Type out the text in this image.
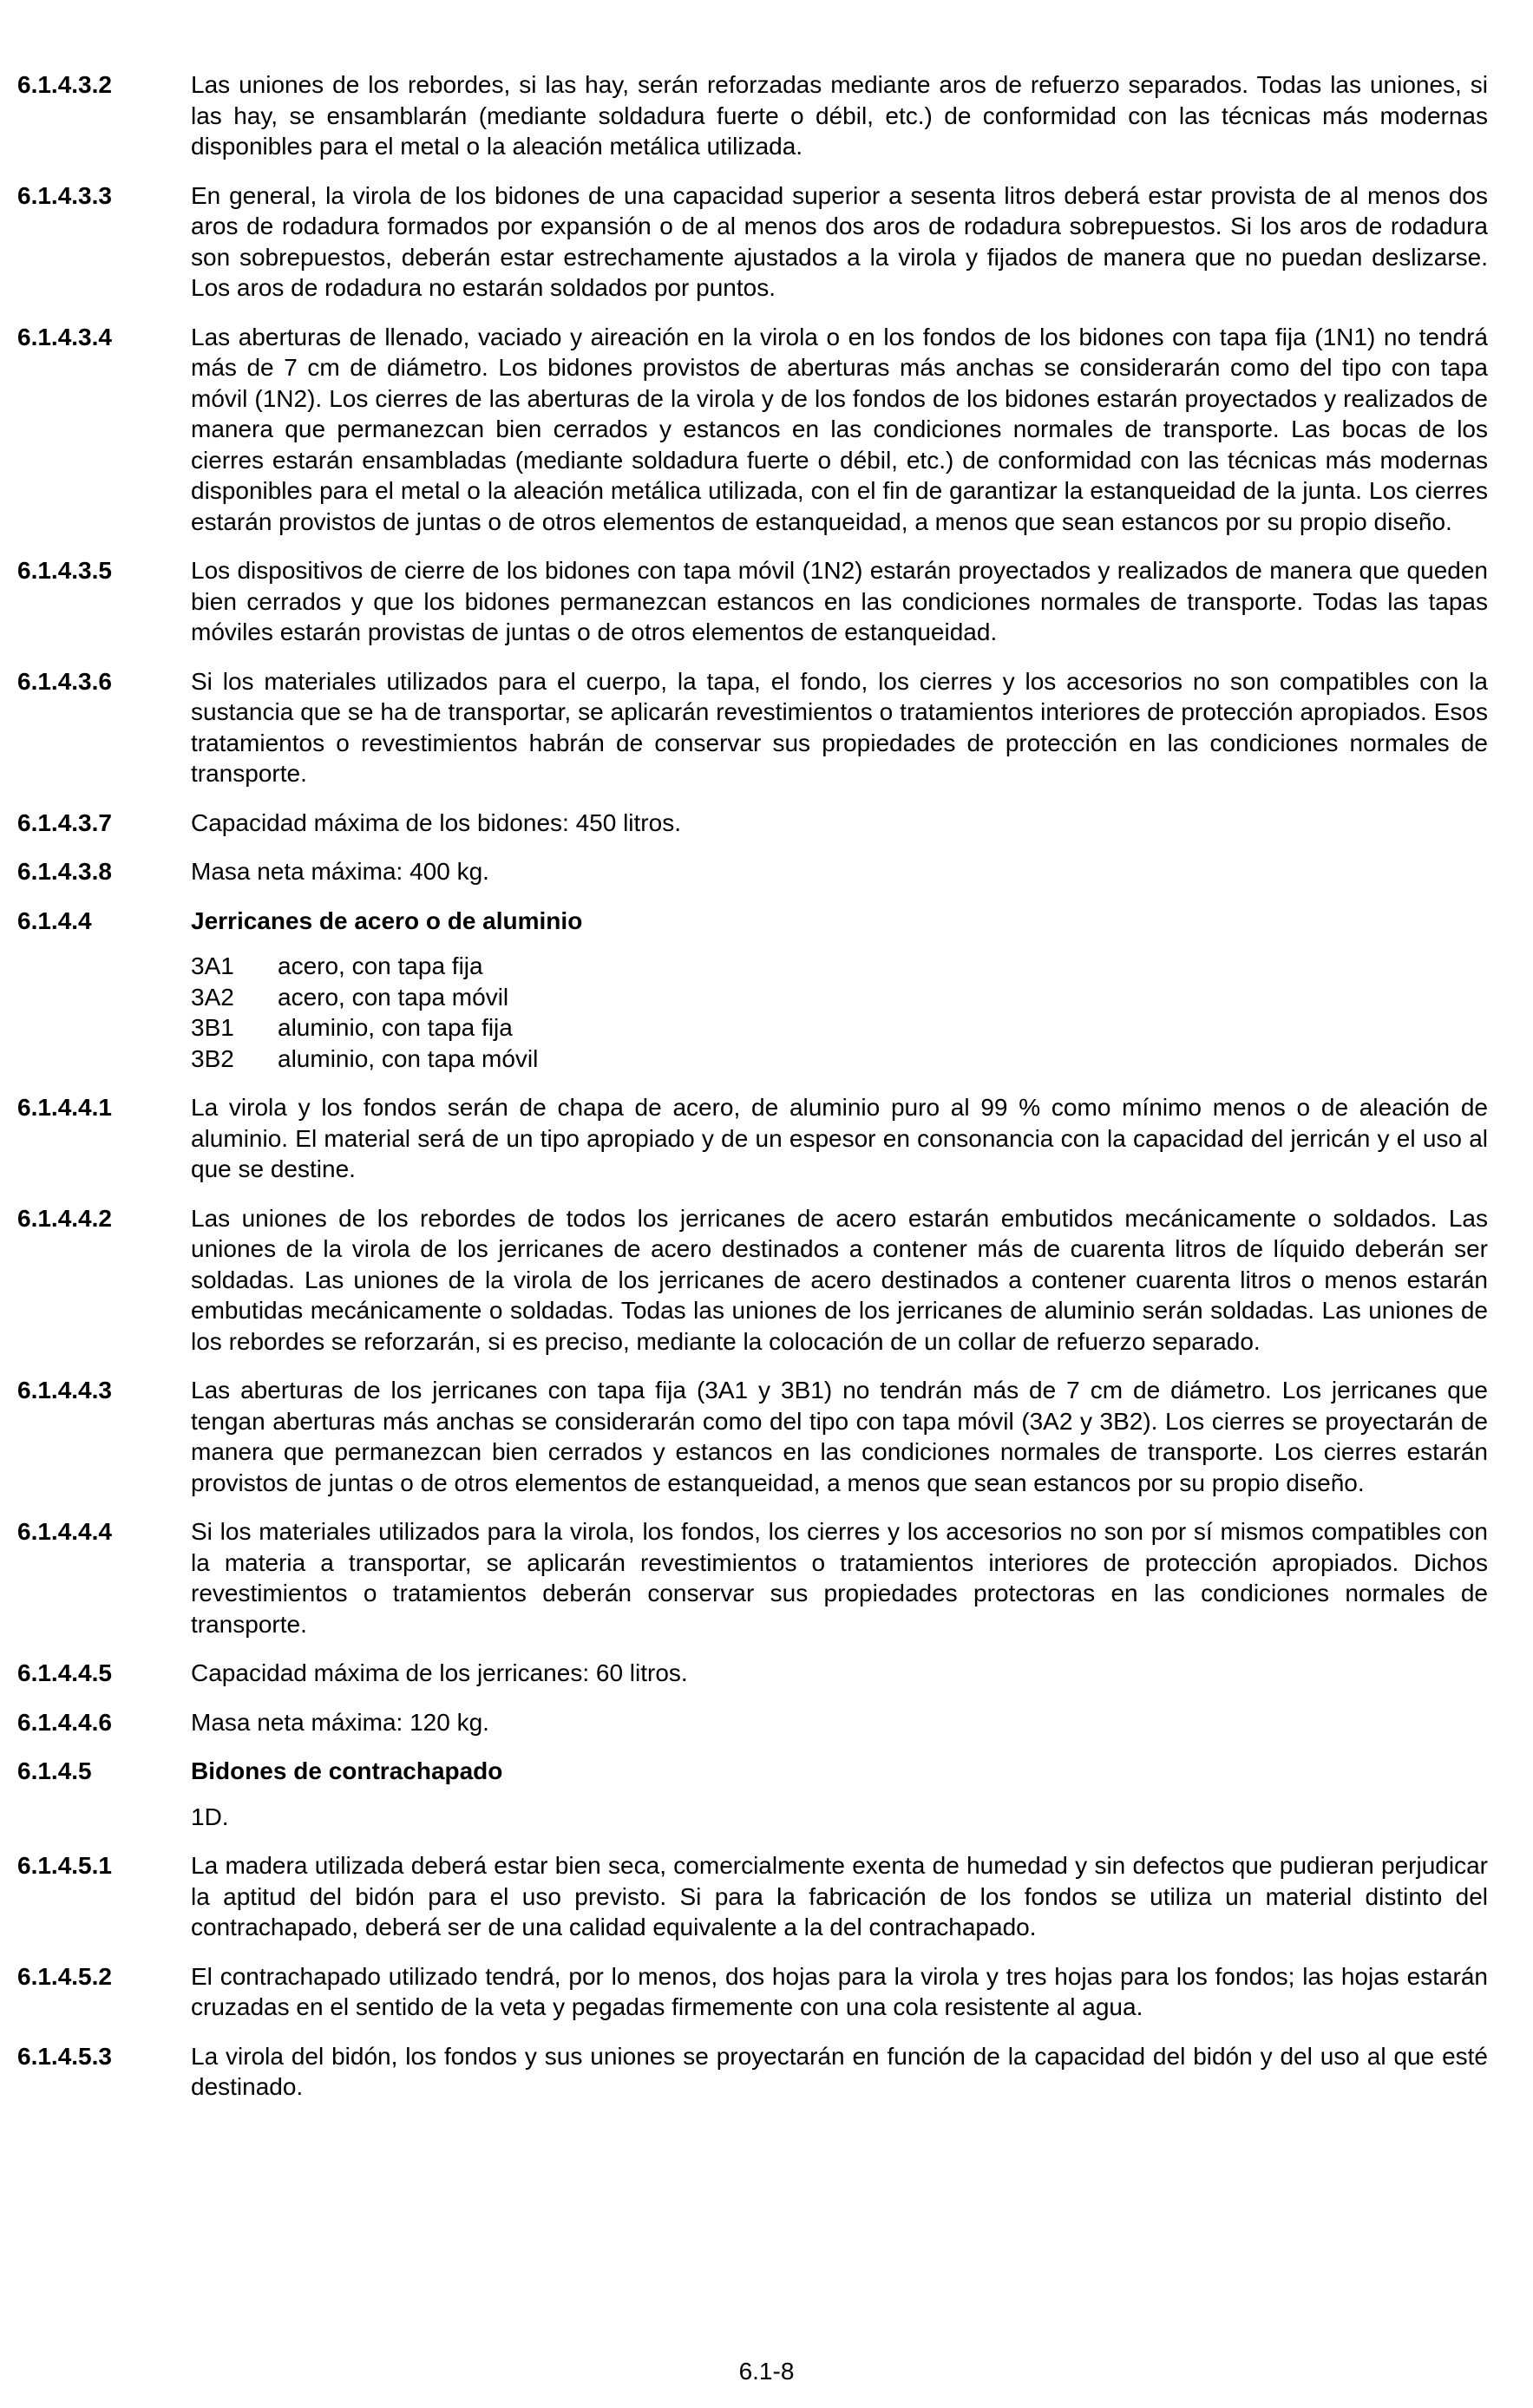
6.1.4.3.2	Las uniones de los rebordes, si las hay, serán reforzadas mediante aros de refuerzo separados. Todas las uniones, si las hay, se ensamblarán (mediante soldadura fuerte o débil, etc.) de conformidad con las técnicas más modernas disponibles para el metal o la aleación metálica utilizada.
6.1.4.3.3	En general, la virola de los bidones de una capacidad superior a sesenta litros deberá estar provista de al menos dos aros de rodadura formados por expansión o de al menos dos aros de rodadura sobrepuestos. Si los aros de rodadura son sobrepuestos, deberán estar estrechamente ajustados a la virola y fijados de manera que no puedan deslizarse. Los aros de rodadura no estarán soldados por puntos.
6.1.4.3.4	Las aberturas de llenado, vaciado y aireación en la virola o en los fondos de los bidones con tapa fija (1N1) no tendrá más de 7 cm de diámetro. Los bidones provistos de aberturas más anchas se considerarán como del tipo con tapa móvil (1N2). Los cierres de las aberturas de la virola y de los fondos de los bidones estarán proyectados y realizados de manera que permanezcan bien cerrados y estancos en las condiciones normales de transporte. Las bocas de los cierres estarán ensambladas (mediante soldadura fuerte o débil, etc.) de conformidad con las técnicas más modernas disponibles para el metal o la aleación metálica utilizada, con el fin de garantizar la estanqueidad de la junta. Los cierres estarán provistos de juntas o de otros elementos de estanqueidad, a menos que sean estancos por su propio diseño.
6.1.4.3.5	Los dispositivos de cierre de los bidones con tapa móvil (1N2) estarán proyectados y realizados de manera que queden bien cerrados y que los bidones permanezcan estancos en las condiciones normales de transporte. Todas las tapas móviles estarán provistas de juntas o de otros elementos de estanqueidad.
6.1.4.3.6	Si los materiales utilizados para el cuerpo, la tapa, el fondo, los cierres y los accesorios no son compatibles con la sustancia que se ha de transportar, se aplicarán revestimientos o tratamientos interiores de protección apropiados. Esos tratamientos o revestimientos habrán de conservar sus propiedades de protección en las condiciones normales de transporte.
6.1.4.3.7	Capacidad máxima de los bidones: 450 litros.
6.1.4.3.8	Masa neta máxima: 400 kg.
6.1.4.4	Jerricanes de acero o de aluminio
3A1	acero, con tapa fija
3A2	acero, con tapa móvil
3B1	aluminio, con tapa fija
3B2	aluminio, con tapa móvil
6.1.4.4.1	La virola y los fondos serán de chapa de acero, de aluminio puro al 99 % como mínimo menos o de aleación de aluminio. El material será de un tipo apropiado y de un espesor en consonancia con la capacidad del jerricán y el uso al que se destine.
6.1.4.4.2	Las uniones de los rebordes de todos los jerricanes de acero estarán embutidos mecánicamente o soldados. Las uniones de la virola de los jerricanes de acero destinados a contener más de cuarenta litros de líquido deberán ser soldadas. Las uniones de la virola de los jerricanes de acero destinados a contener cuarenta litros o menos estarán embutidas mecánicamente o soldadas. Todas las uniones de los jerricanes de aluminio serán soldadas. Las uniones de los rebordes se reforzarán, si es preciso, mediante la colocación de un collar de refuerzo separado.
6.1.4.4.3	Las aberturas de los jerricanes con tapa fija (3A1 y 3B1) no tendrán más de 7 cm de diámetro. Los jerricanes que tengan aberturas más anchas se considerarán como del tipo con tapa móvil (3A2 y 3B2). Los cierres se proyectarán de manera que permanezcan bien cerrados y estancos en las condiciones normales de transporte. Los cierres estarán provistos de juntas o de otros elementos de estanqueidad, a menos que sean estancos por su propio diseño.
6.1.4.4.4	Si los materiales utilizados para la virola, los fondos, los cierres y los accesorios no son por sí mismos compatibles con la materia a transportar, se aplicarán revestimientos o tratamientos interiores de protección apropiados. Dichos revestimientos o tratamientos deberán conservar sus propiedades protectoras en las condiciones normales de transporte.
6.1.4.4.5	Capacidad máxima de los jerricanes: 60 litros.
6.1.4.4.6	Masa neta máxima: 120 kg.
6.1.4.5	Bidones de contrachapado
1D.
6.1.4.5.1	La madera utilizada deberá estar bien seca, comercialmente exenta de humedad y sin defectos que pudieran perjudicar la aptitud del bidón para el uso previsto. Si para la fabricación de los fondos se utiliza un material distinto del contrachapado, deberá ser de una calidad equivalente a la del contrachapado.
6.1.4.5.2	El contrachapado utilizado tendrá, por lo menos, dos hojas para la virola y tres hojas para los fondos; las hojas estarán cruzadas en el sentido de la veta y pegadas firmemente con una cola resistente al agua.
6.1.4.5.3	La virola del bidón, los fondos y sus uniones se proyectarán en función de la capacidad del bidón y del uso al que esté destinado.
6.1-8
